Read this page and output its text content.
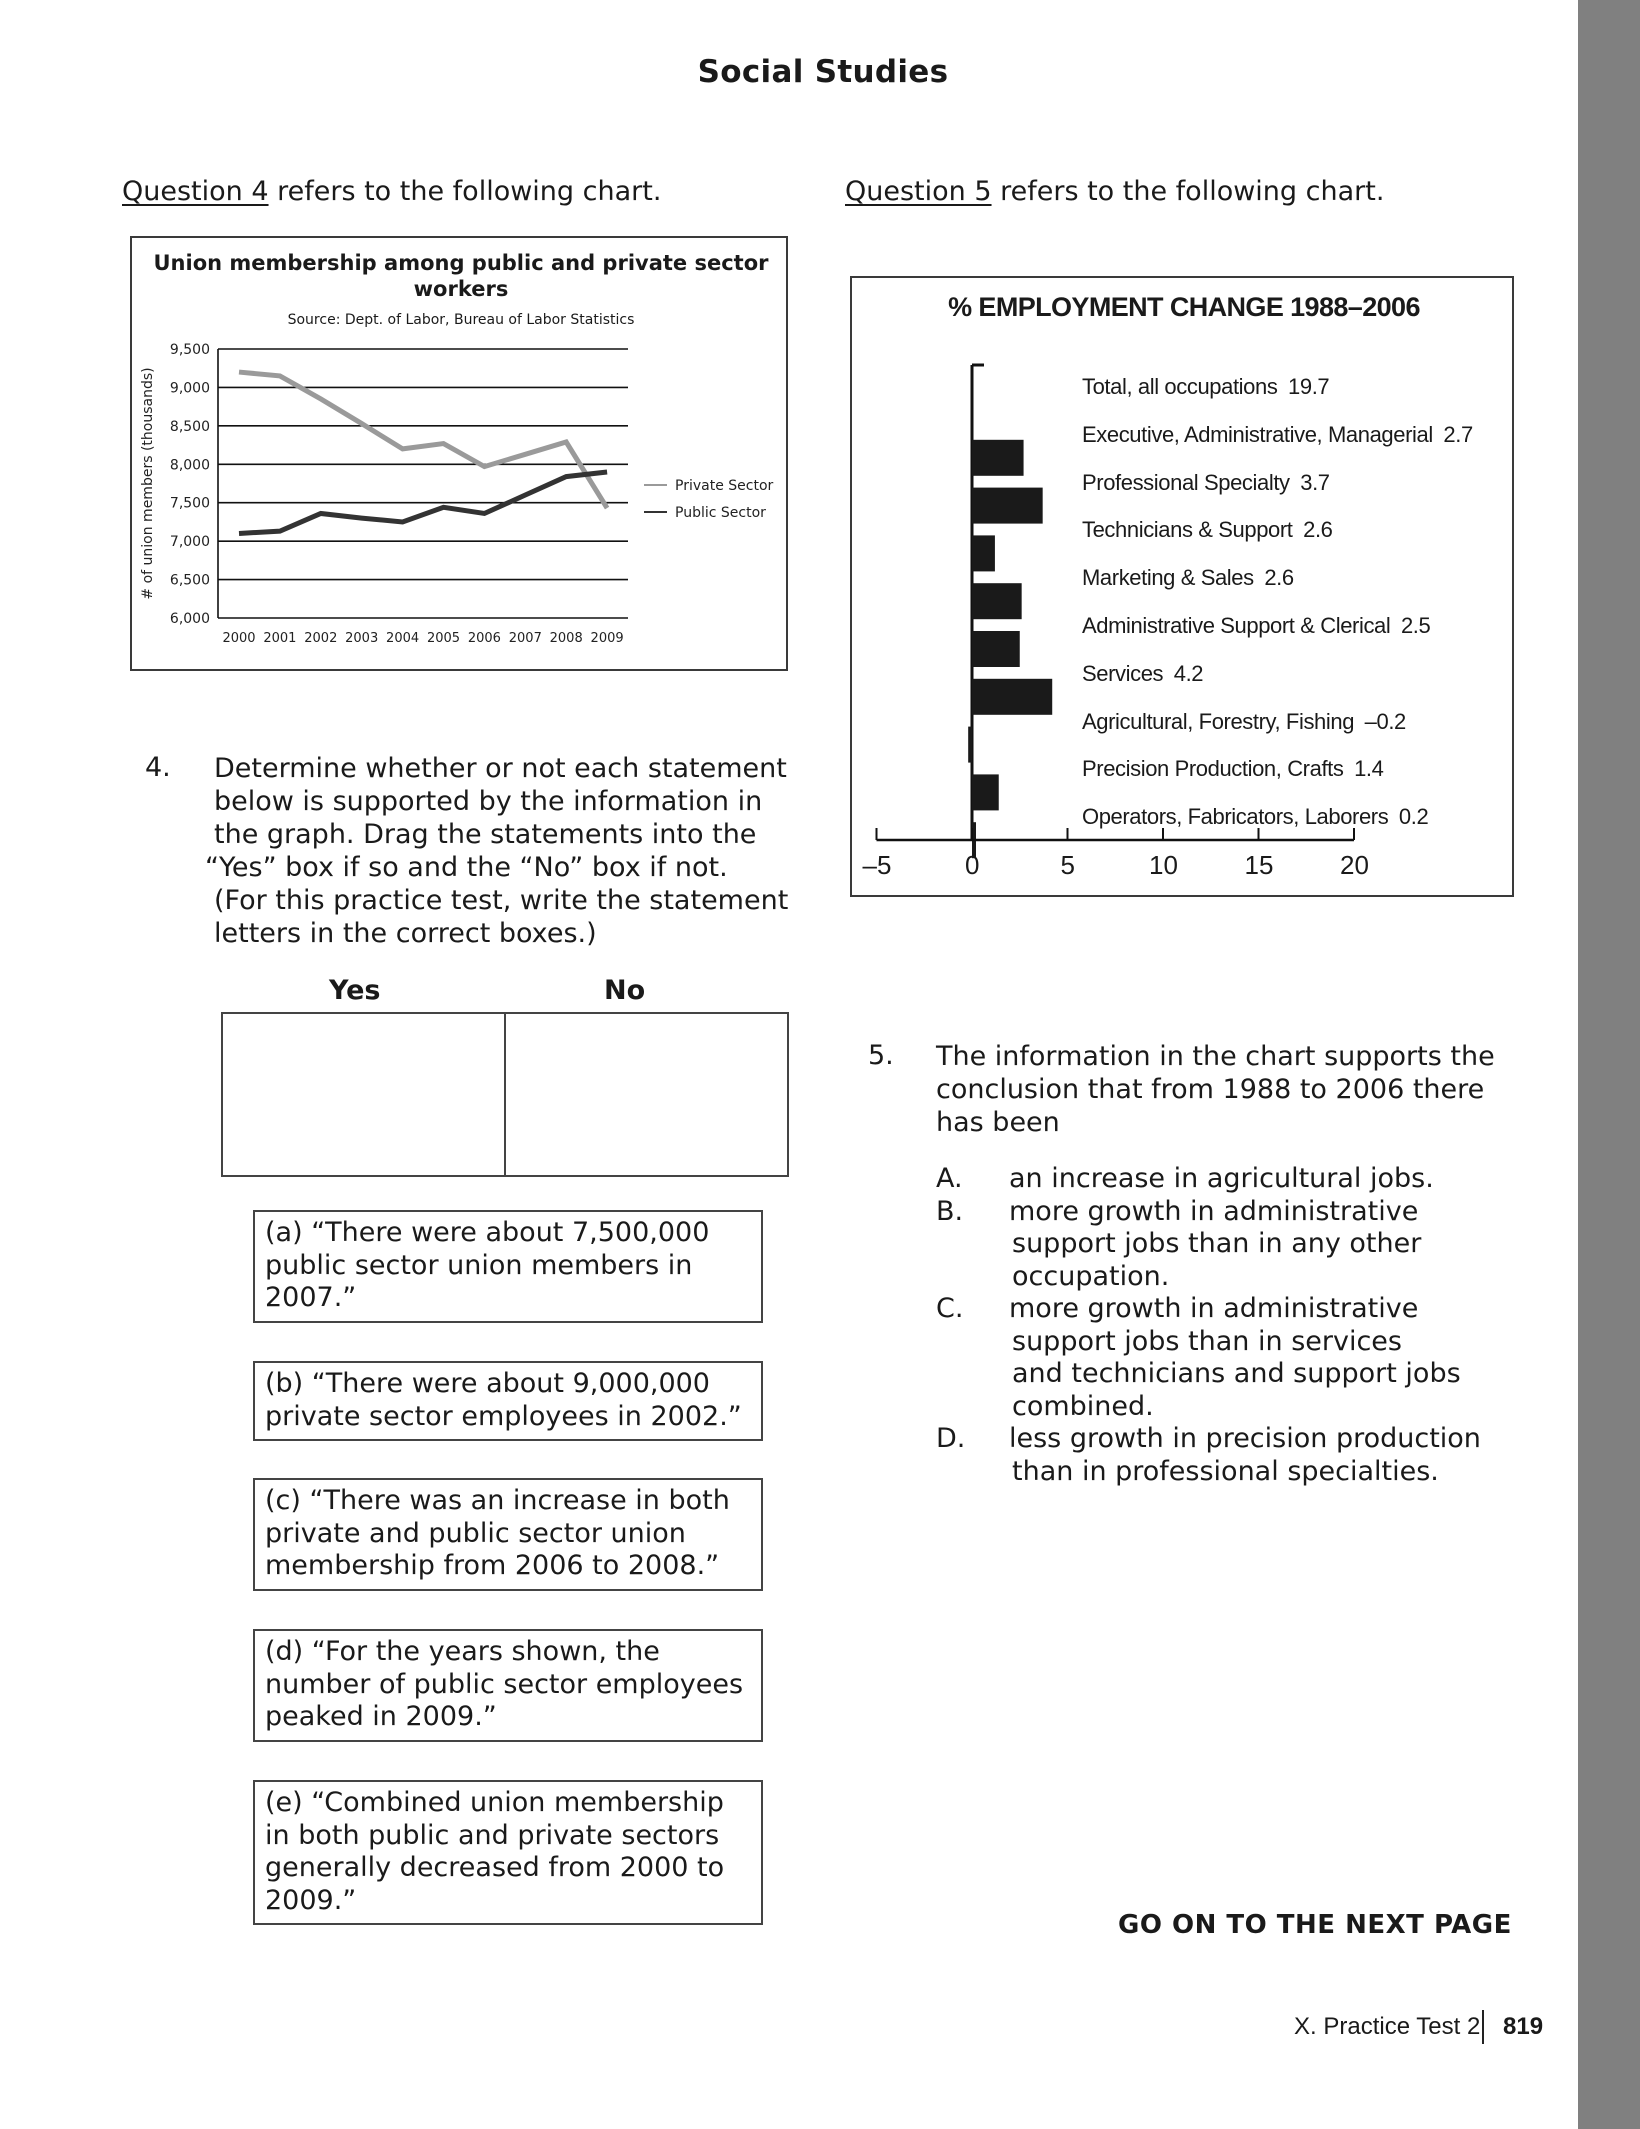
Social Studies
Question 4 refers to the following chart.	Question 5 refers to the following chart.
Union membership among public and private sector workers
Source: Dept. of Labor, Bureau of Labor Statistics
9,500
9,000
8,500
8,000
7,500
7,000
6,500
6,000
# of union members (thousands)
2000 2001 2002 2003 2004 2005 2006 2007 2008 2009
Private Sector
Public Sector
% EMPLOYMENT CHANGE 1988–2006
Total, all occupations 19.7
Executive, Administrative, Managerial 2.7
Professional Specialty 3.7
Technicians & Support 2.6
Marketing & Sales 2.6
Administrative Support & Clerical 2.5
Services 4.2
Agricultural, Forestry, Fishing –0.2
Precision Production, Crafts 1.4
Operators, Fabricators, Laborers 0.2
–5	0	5	10	15	20
4. Determine whether or not each statement
below is supported by the information in
the graph. Drag the statements into the
“Yes” box if so and the “No” box if not.
(For this practice test, write the statement
letters in the correct boxes.)
Yes	No
(a) “There were about 7,500,000 public sector union members in 2007.”
(b) “There were about 9,000,000 private sector employees in 2002.”
(c) “There was an increase in both private and public sector union membership from 2006 to 2008.”
(d) “For the years shown, the number of public sector employees peaked in 2009.”
(e) “Combined union membership in both public and private sectors generally decreased from 2000 to 2009.”
5. The information in the chart supports the
conclusion that from 1988 to 2006 there
has been
A. an increase in agricultural jobs.
B. more growth in administrative
support jobs than in any other
occupation.
C. more growth in administrative
support jobs than in services
and technicians and support jobs
combined.
D. less growth in precision production
than in professional specialties.
GO ON TO THE NEXT PAGE
X. Practice Test 2 819
